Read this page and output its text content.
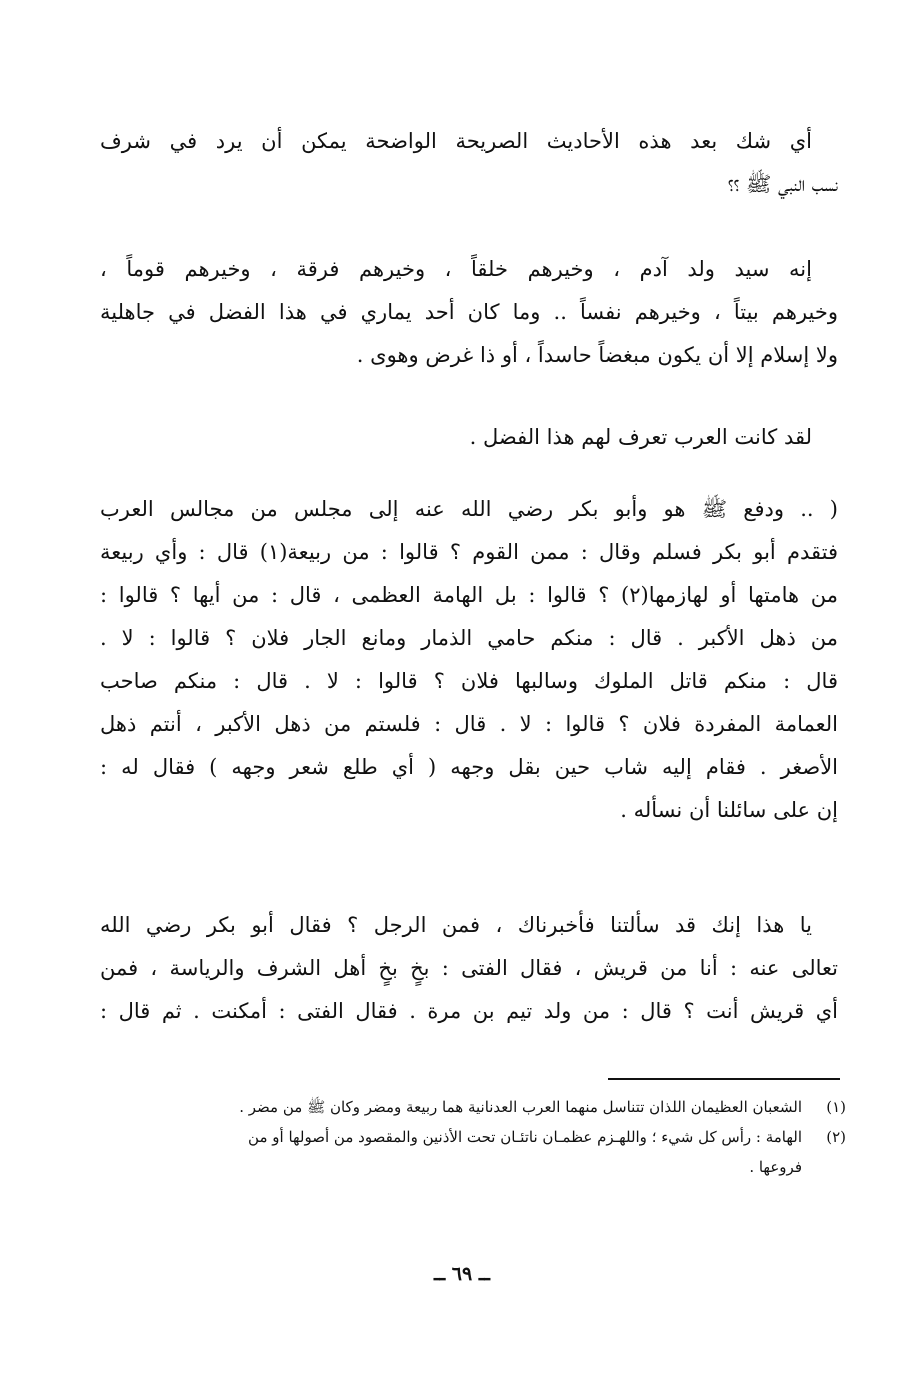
أي شك بعد هذه الأحاديث الصريحة الواضحة يمكن أن يرد في شرف
نسب النبي ﷺ ؟؟
إنه سيد ولد آدم ، وخيرهم خلقاً ، وخيرهم فرقة ، وخيرهم قوماً ،
وخيرهم بيتاً ، وخيرهم نفساً .. وما كان أحد يماري في هذا الفضل في جاهلية
ولا إسلام إلا أن يكون مبغضاً حاسداً ، أو ذا غرض وهوى .
لقد كانت العرب تعرف لهم هذا الفضل .
( .. ودفع ﷺ هو وأبو بكر رضي الله عنه إلى مجلس من مجالس العرب
فتقدم أبو بكر فسلم وقال : ممن القوم ؟ قالوا : من ربيعة(١) قال : وأي ربيعة
من هامتها أو لهازمها(٢) ؟ قالوا : بل الهامة العظمى ، قال : من أيها ؟ قالوا :
من ذهل الأكبر . قال : منكم حامي الذمار ومانع الجار فلان ؟ قالوا : لا .
قال : منكم قاتل الملوك وسالبها فلان ؟ قالوا : لا . قال : منكم صاحب
العمامة المفردة فلان ؟ قالوا : لا . قال : فلستم من ذهل الأكبر ، أنتم ذهل
الأصغر . فقام إليه شاب حين بقل وجهه ( أي طلع شعر وجهه ) فقال له :
إن على سائلنا أن نسأله .
يا هذا إنك قد سألتنا فأخبرناك ، فمن الرجل ؟ فقال أبو بكر رضي الله
تعالى عنه : أنا من قريش ، فقال الفتى : بخٍ بخٍ أهل الشرف والرياسة ، فمن
أي قريش أنت ؟ قال : من ولد تيم بن مرة . فقال الفتى : أمكنت . ثم قال :
(١)الشعبان العظيمان اللذان تتناسل منهما العرب العدنانية هما ربيعة ومضر وكان ﷺ من مضر .
(٢)الهامة : رأس كل شيء ؛ واللهـزم عظمـان ناتئـان تحت الأذنين والمقصود من أصولها أو من
فروعها .
ــ ٦٩ ــ
